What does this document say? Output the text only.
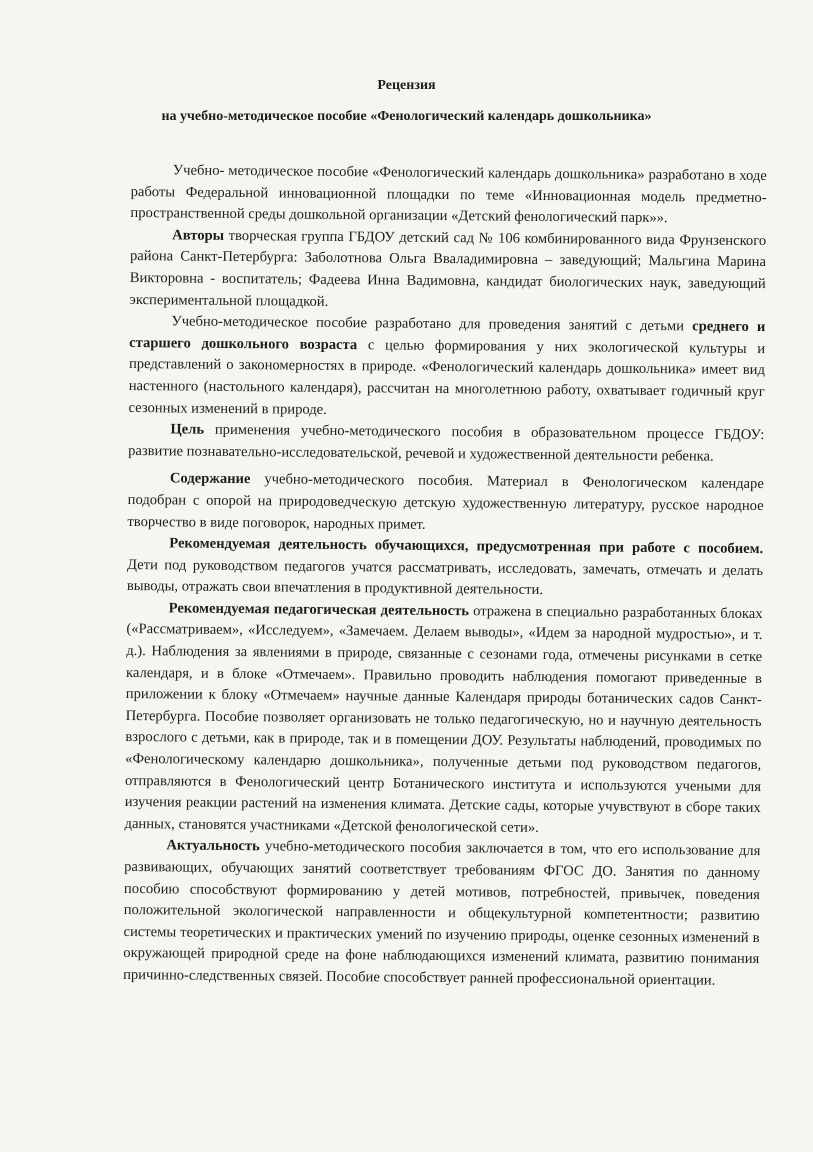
Рецензия
на учебно-методическое пособие «Фенологический календарь дошкольника»

Учебно- методическое пособие «Фенологический календарь дошкольника» разработано в ходе работы Федеральной инновационной площадки по теме «Инновационная модель предметно-пространственной среды дошкольной организации «Детский фенологический парк»».

Авторы творческая группа ГБДОУ детский сад № 106 комбинированного вида Фрунзенского района Санкт-Петербурга: Заболотнова Ольга Вваладимировна – заведующий; Мальгина Марина Викторовна - воспитатель; Фадеева Инна Вадимовна, кандидат биологических наук, заведующий экспериментальной площадкой.

Учебно-методическое пособие разработано для проведения занятий с детьми среднего и старшего дошкольного возраста с целью формирования у них экологической культуры и представлений о закономерностях в природе. «Фенологический календарь дошкольника» имеет вид настенного (настольного календаря), рассчитан на многолетнюю работу, охватывает годичный круг сезонных изменений в природе.

Цель применения учебно-методического пособия в образовательном процессе ГБДОУ: развитие познавательно-исследовательской, речевой и художественной деятельности ребенка.

Содержание учебно-методического пособия. Материал в Фенологическом календаре подобран с опорой на природоведческую детскую художественную литературу, русское народное творчество в виде поговорок, народных примет.

Рекомендуемая деятельность обучающихся, предусмотренная при работе с пособием. Дети под руководством педагогов учатся рассматривать, исследовать, замечать, отмечать и делать выводы, отражать свои впечатления в продуктивной деятельности.

Рекомендуемая педагогическая деятельность отражена в специально разработанных блоках («Рассматриваем», «Исследуем», «Замечаем. Делаем выводы», «Идем за народной мудростью», и т. д.). Наблюдения за явлениями в природе, связанные с сезонами года, отмечены рисунками в сетке календаря, и в блоке «Отмечаем». Правильно проводить наблюдения помогают приведенные в приложении к блоку «Отмечаем» научные данные Календаря природы ботанических садов Санкт-Петербурга. Пособие позволяет организовать не только педагогическую, но и научную деятельность взрослого с детьми, как в природе, так и в помещении ДОУ. Результаты наблюдений, проводимых по «Фенологическому календарю дошкольника», полученные детьми под руководством педагогов, отправляются в Фенологический центр Ботанического института и используются учеными для изучения реакции растений на изменения климата. Детские сады, которые учувствуют в сборе таких данных, становятся участниками «Детской фенологической сети».

Актуальность учебно-методического пособия заключается в том, что его использование для развивающих, обучающих занятий соответствует требованиям ФГОС ДО. Занятия по данному пособию способствуют формированию у детей мотивов, потребностей, привычек, поведения положительной экологической направленности и общекультурной компетентности; развитию системы теоретических и практических умений по изучению природы, оценке сезонных изменений в окружающей природной среде на фоне наблюдающихся изменений климата, развитию понимания причинно-следственных связей. Пособие способствует ранней профессиональной ориентации.
